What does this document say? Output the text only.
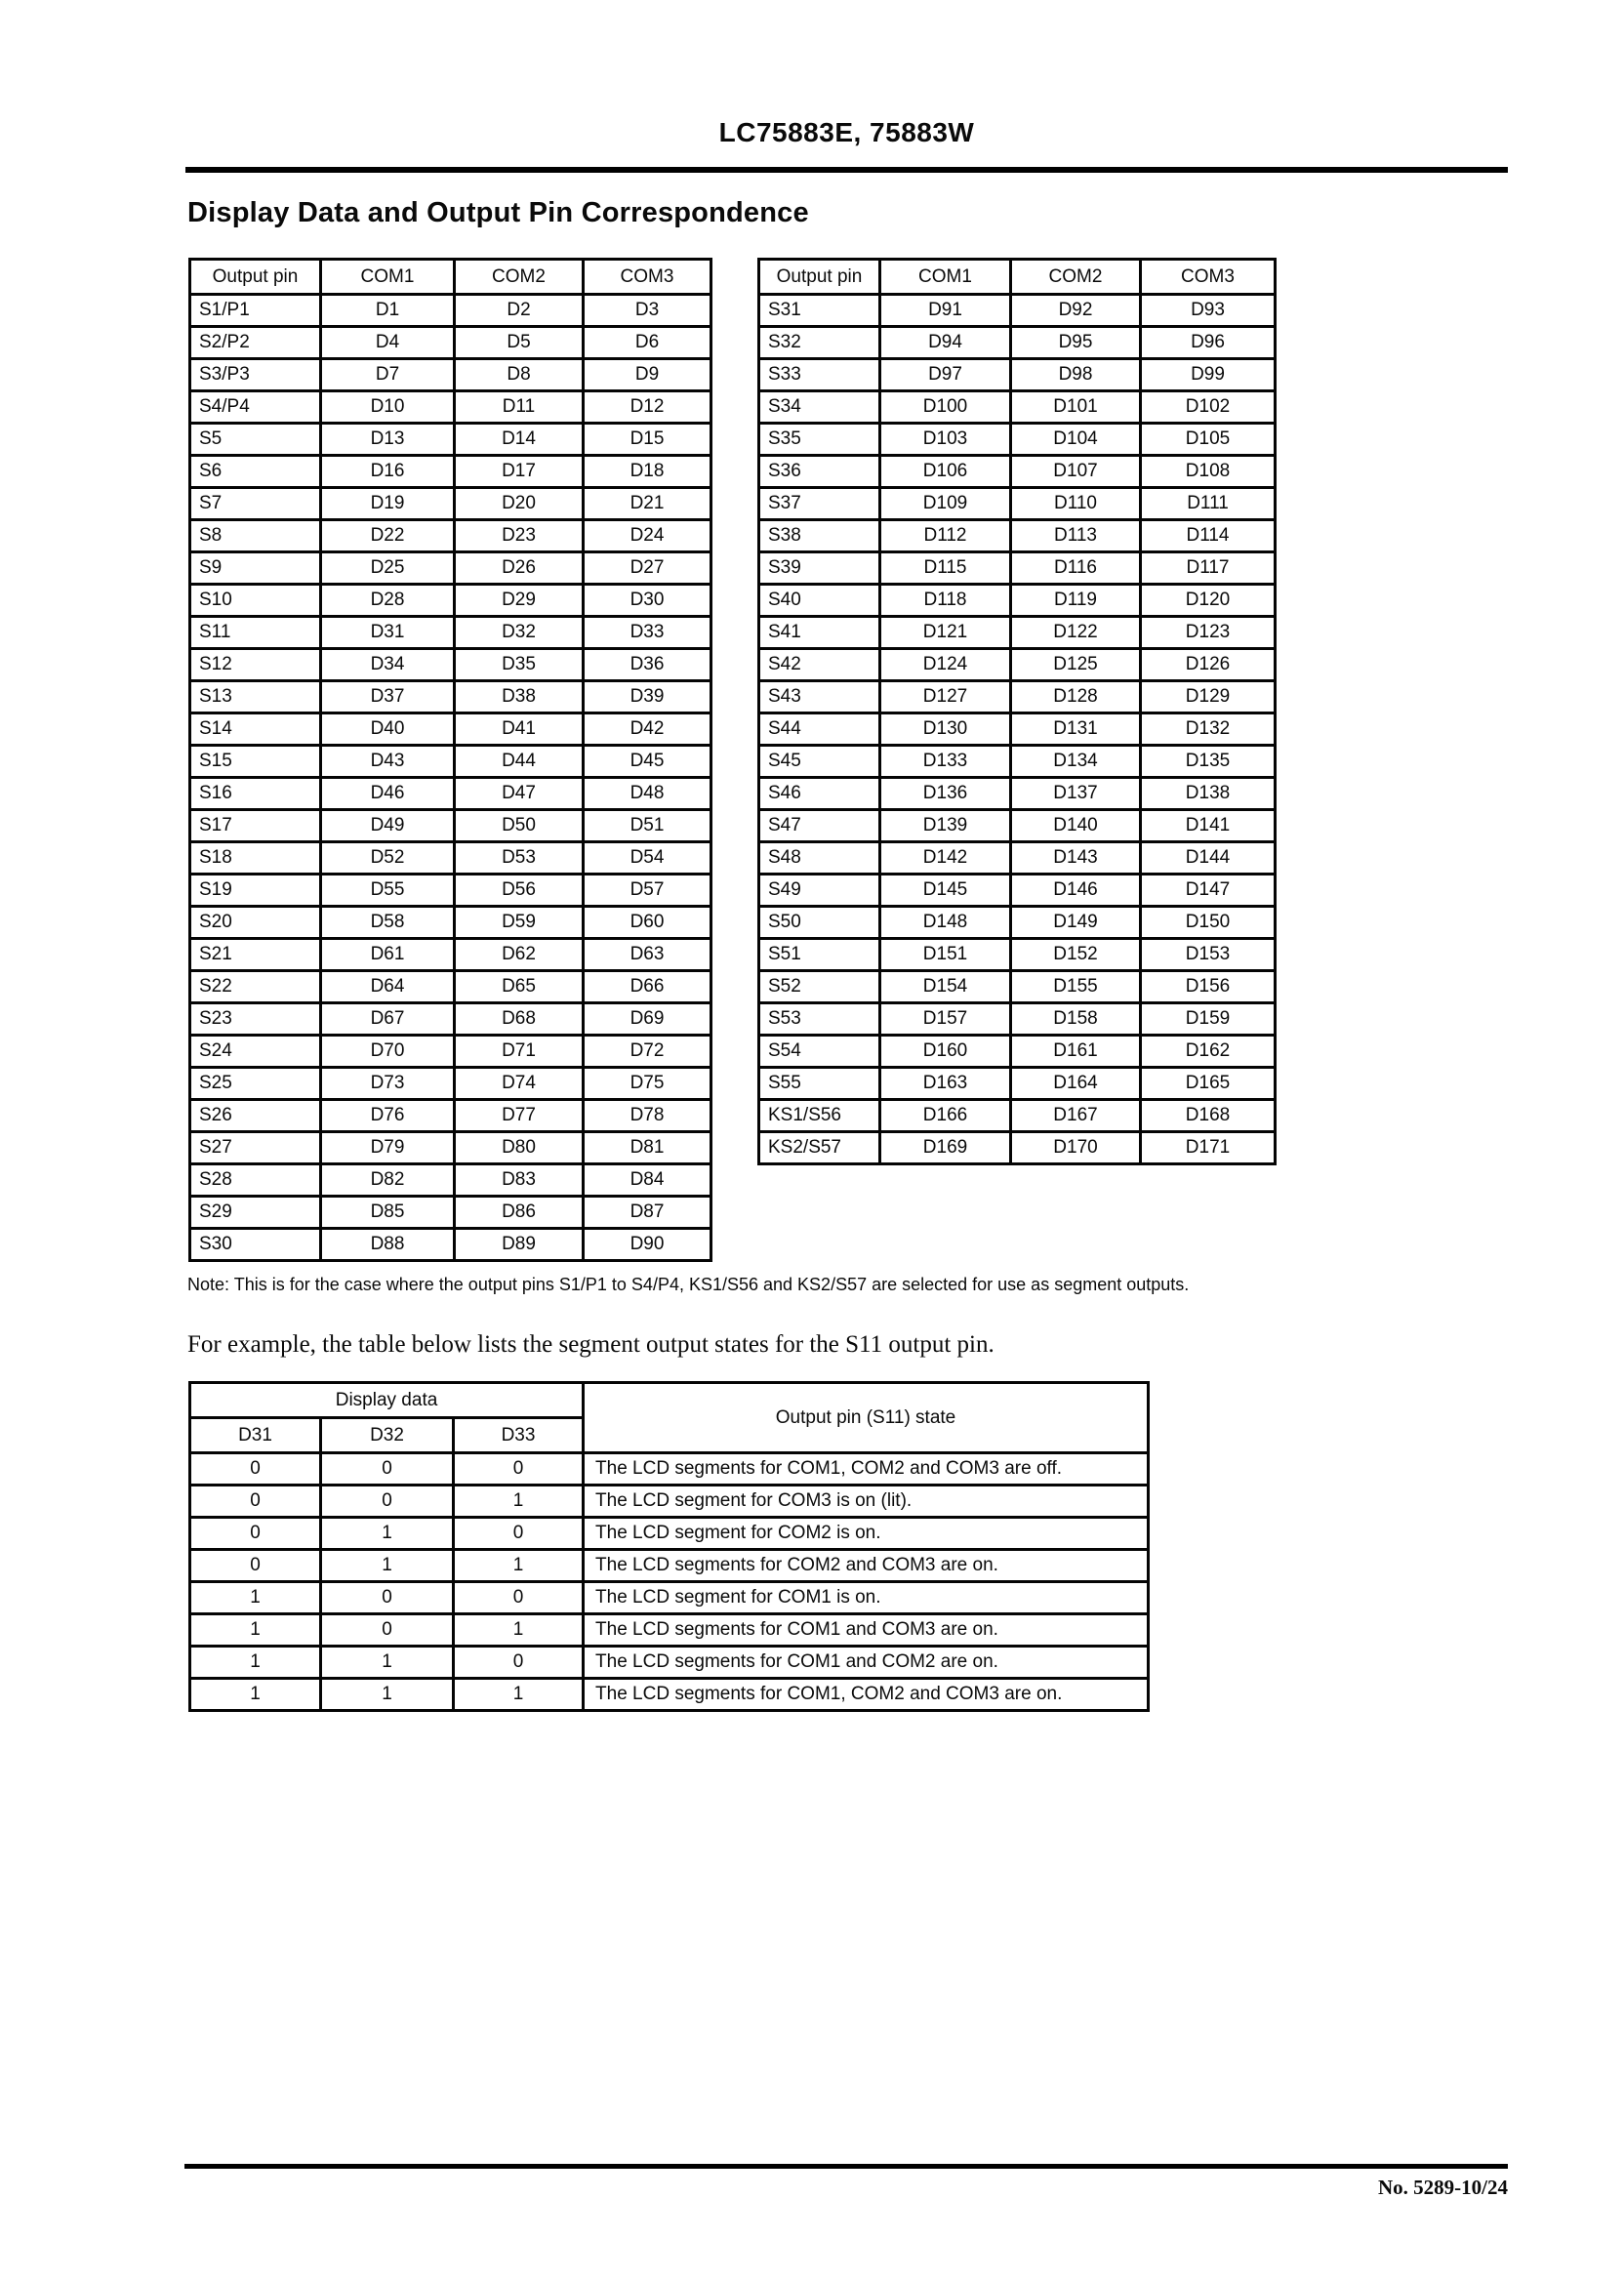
LC75883E, 75883W
Display Data and Output Pin Correspondence
Output pin	COM1	COM2	COM3
S1/P1	D1	D2	D3
S2/P2	D4	D5	D6
S3/P3	D7	D8	D9
S4/P4	D10	D11	D12
S5	D13	D14	D15
S6	D16	D17	D18
S7	D19	D20	D21
S8	D22	D23	D24
S9	D25	D26	D27
S10	D28	D29	D30
S11	D31	D32	D33
S12	D34	D35	D36
S13	D37	D38	D39
S14	D40	D41	D42
S15	D43	D44	D45
S16	D46	D47	D48
S17	D49	D50	D51
S18	D52	D53	D54
S19	D55	D56	D57
S20	D58	D59	D60
S21	D61	D62	D63
S22	D64	D65	D66
S23	D67	D68	D69
S24	D70	D71	D72
S25	D73	D74	D75
S26	D76	D77	D78
S27	D79	D80	D81
S28	D82	D83	D84
S29	D85	D86	D87
S30	D88	D89	D90
Output pin	COM1	COM2	COM3
S31	D91	D92	D93
S32	D94	D95	D96
S33	D97	D98	D99
S34	D100	D101	D102
S35	D103	D104	D105
S36	D106	D107	D108
S37	D109	D110	D111
S38	D112	D113	D114
S39	D115	D116	D117
S40	D118	D119	D120
S41	D121	D122	D123
S42	D124	D125	D126
S43	D127	D128	D129
S44	D130	D131	D132
S45	D133	D134	D135
S46	D136	D137	D138
S47	D139	D140	D141
S48	D142	D143	D144
S49	D145	D146	D147
S50	D148	D149	D150
S51	D151	D152	D153
S52	D154	D155	D156
S53	D157	D158	D159
S54	D160	D161	D162
S55	D163	D164	D165
KS1/S56	D166	D167	D168
KS2/S57	D169	D170	D171

Note: This is for the case where the output pins S1/P1 to S4/P4, KS1/S56 and KS2/S57 are selected for use as segment outputs.

For example, the table below lists the segment output states for the S11 output pin.

Display data			Output pin (S11) state
D31	D32	D33	
0	0	0	The LCD segments for COM1, COM2 and COM3 are off.
0	0	1	The LCD segment for COM3 is on (lit).
0	1	0	The LCD segment for COM2 is on.
0	1	1	The LCD segments for COM2 and COM3 are on.
1	0	0	The LCD segment for COM1 is on.
1	0	1	The LCD segments for COM1 and COM3 are on.
1	1	0	The LCD segments for COM1 and COM2 are on.
1	1	1	The LCD segments for COM1, COM2 and COM3 are on.
No. 5289-10/24
